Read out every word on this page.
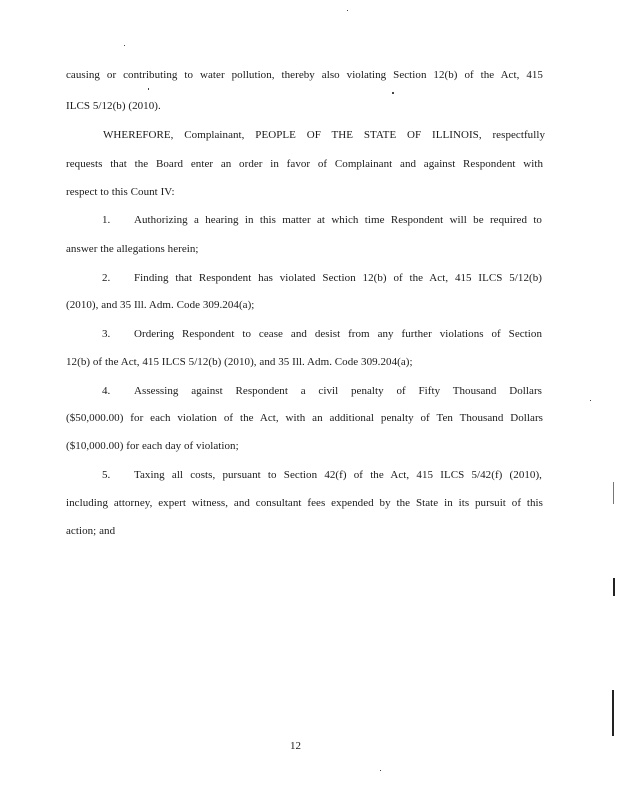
causing or contributing to water pollution, thereby also violating Section 12(b) of the Act, 415
ILCS 5/12(b) (2010).
WHEREFORE, Complainant, PEOPLE OF THE STATE OF ILLINOIS, respectfully
requests that the Board enter an order in favor of Complainant and against Respondent with
respect to this Count IV:
1. Authorizing a hearing in this matter at which time Respondent will be required to
answer the allegations herein;
2. Finding that Respondent has violated Section 12(b) of the Act, 415 ILCS 5/12(b)
(2010), and 35 Ill. Adm. Code 309.204(a);
3. Ordering Respondent to cease and desist from any further violations of Section
12(b) of the Act, 415 ILCS 5/12(b) (2010), and 35 Ill. Adm. Code 309.204(a);
4. Assessing against Respondent a civil penalty of Fifty Thousand Dollars
($50,000.00) for each violation of the Act, with an additional penalty of Ten Thousand Dollars
($10,000.00) for each day of violation;
5. Taxing all costs, pursuant to Section 42(f) of the Act, 415 ILCS 5/42(f) (2010),
including attorney, expert witness, and consultant fees expended by the State in its pursuit of this
action; and
12
